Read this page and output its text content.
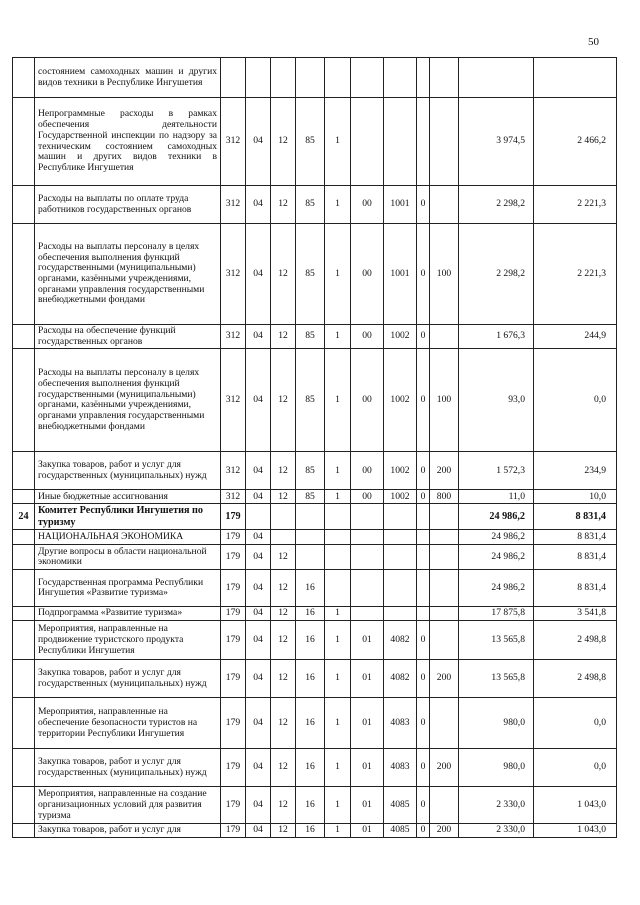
50
	состоянием самоходных машин и других видов техники в Республике Ингушетия											
	Непрограммные расходы в рамках обеспечения деятельности Государственной инспекции по надзору за техническим состоянием самоходных машин и других видов техники в Республике Ингушетия	312	04	12	85	1					3 974,5	2 466,2
	Расходы на выплаты по оплате труда работников государственных органов	312	04	12	85	1	00	1001	0		2 298,2	2 221,3
	Расходы на выплаты персоналу в целях обеспечения выполнения функций государственными (муниципальными) органами, казёнными учреждениями, органами управления государственными внебюджетными фондами	312	04	12	85	1	00	1001	0	100	2 298,2	2 221,3
	Расходы на обеспечение функций государственных органов	312	04	12	85	1	00	1002	0		1 676,3	244,9
	Расходы на выплаты персоналу в целях обеспечения выполнения функций государственными (муниципальными) органами, казёнными учреждениями, органами управления государственными внебюджетными фондами	312	04	12	85	1	00	1002	0	100	93,0	0,0
	Закупка товаров, работ и услуг для государственных (муниципальных) нужд	312	04	12	85	1	00	1002	0	200	1 572,3	234,9
	Иные бюджетные ассигнования	312	04	12	85	1	00	1002	0	800	11,0	10,0
24	Комитет Республики Ингушетия по туризму	179									24 986,2	8 831,4
	НАЦИОНАЛЬНАЯ ЭКОНОМИКА	179	04								24 986,2	8 831,4
	Другие вопросы в области национальной экономики	179	04	12							24 986,2	8 831,4
	Государственная программа Республики Ингушетия «Развитие туризма»	179	04	12	16						24 986,2	8 831,4
	Подпрограмма «Развитие туризма»	179	04	12	16	1					17 875,8	3 541,8
	Мероприятия, направленные на продвижение туристского продукта Республики Ингушетия	179	04	12	16	1	01	4082	0		13 565,8	2 498,8
	Закупка товаров, работ и услуг для государственных (муниципальных) нужд	179	04	12	16	1	01	4082	0	200	13 565,8	2 498,8
	Мероприятия, направленные на обеспечение безопасности туристов на территории Республики Ингушетия	179	04	12	16	1	01	4083	0		980,0	0,0
	Закупка товаров, работ и услуг для государственных (муниципальных) нужд	179	04	12	16	1	01	4083	0	200	980,0	0,0
	Мероприятия, направленные на создание организационных условий для развития туризма	179	04	12	16	1	01	4085	0		2 330,0	1 043,0
	Закупка товаров, работ и услуг для	179	04	12	16	1	01	4085	0	200	2 330,0	1 043,0
